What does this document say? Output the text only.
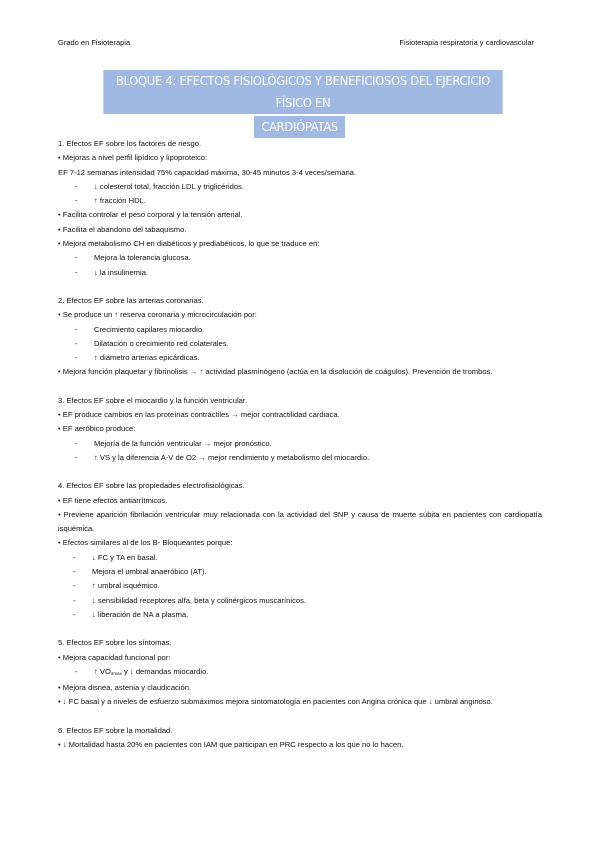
Grado en Fisioterapia	Fisioterapia respiratoria y cardiovascular
BLOQUE 4: EFECTOS FISIOLÓGICOS Y BENEFICIOSOS DEL EJERCICIO FÍSICO EN
CARDIÓPATAS
1. Efectos EF sobre los factores de riesgo.
• Mejoras a nivel perfil lipídico y lipoproteico:
EF 7-12 semanas intensidad 75% capacidad máxima, 30-45 minutos 3-4 veces/semana.
- ↓ colesterol total, fracción LDL y triglicéridos.
- ↑ fracción HDL.
• Facilita controlar el peso corporal y la tensión arterial.
• Facilita el abandono del tabaquismo.
• Mejora metabolismo CH en diabéticos y prediabéticos, lo que se traduce en:
- Mejora la tolerancia glucosa.
- ↓ la insulinemia.
2. Efectos EF sobre las arterias coronarias.
• Se produce un ↑ reserva coronaria y microcirculación por:
- Crecimiento capilares miocardio.
- Dilatación o crecimiento red colaterales.
- ↑ diámetro arterias epicárdicas.
• Mejora función plaquetar y fibrinolisis → ↑ actividad plasminógeno (actúa en la disolución de coágulos). Prevención de trombos.
3. Efectos EF sobre el miocardio y la función ventricular.
• EF produce cambios en las proteínas contráctiles → mejor contractilidad cardiaca.
• EF aeróbico produce:
- Mejoría de la función ventricular → mejor pronóstico.
- ↑ VS y la diferencia A-V de O2 → mejor rendimiento y metabolismo del miocardio.
4. Efectos EF sobre las propiedades electrofisiológicas.
• EF tiene efectos antiarrítmicos.
• Previene aparición fibrilación ventricular muy relacionada con la actividad del SNP y causa de muerte súbita en pacientes con cardiopatía isquémica.
• Efectos similares al de los B- Bloqueantes porque:
- ↓ FC y TA en basal.
- Mejora el umbral anaeróbico (AT).
- ↑ umbral isquémico.
- ↓ sensibilidad receptores alfa, beta y colinérgicos muscarínicos.
- ↓ liberación de NA a plasma.
5. Efectos EF sobre los síntomas.
• Mejora capacidad funcional por:
- ↑ $VO_{2max}$ y ↓ demandas miocardio.
• Mejora disnea, astenia y claudicación.
• ↓ FC basal y a niveles de esfuerzo submáximos mejora sintomatología en pacientes con Angina crónica que ↓ umbral anginoso.
6. Efectos EF sobre la mortalidad.
• ↓ Mortalidad hasta 20% en pacientes con IAM que participan en PRC respecto a los que no lo hacen.
